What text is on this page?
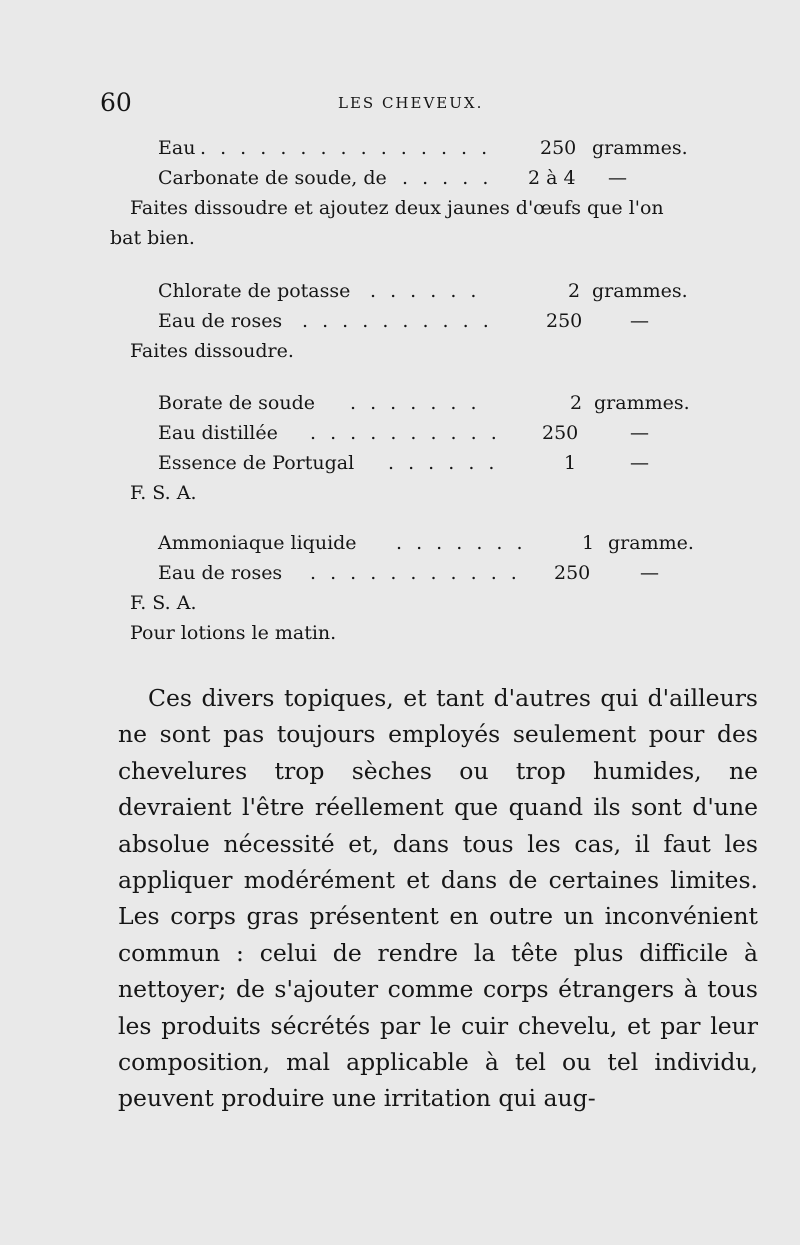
60	LES CHEVEUX.
Eau . . . . . . . . . . . . . . .	250 grammes.
Carbonate de soude, de . . . . . 2 à 4 —
Faites dissoudre et ajoutez deux jaunes d'œufs que l'on
bat bien.
Chlorate de potasse . . . . . .	2 grammes.
Eau de roses . . . . . . . . . .	250	—
Faites dissoudre.
Borate de soude . . . . . . .	2 grammes.
Eau distillée . . . . . . . . . . 250	—
Essence de Portugal . . . . . .	1	—
F. S. A.
Ammoniaque liquide . . . . . . .	1 gramme.
Eau de roses . . . . . . . . . . . 250	—
F. S. A.
Pour lotions le matin.

Ces divers topiques, et tant d'autres qui d'ailleurs ne sont pas toujours employés seulement pour des chevelures trop sèches ou trop humides, ne devraient l'être réellement que quand ils sont d'une absolue nécessité et, dans tous les cas, il faut les appliquer modérément et dans de certaines limites. Les corps gras présentent en outre un inconvénient commun : celui de rendre la tête plus difficile à nettoyer; de s'ajouter comme corps étrangers à tous les produits sécrétés par le cuir chevelu, et par leur composition, mal applicable à tel ou tel individu, peuvent produire une irritation qui aug-
